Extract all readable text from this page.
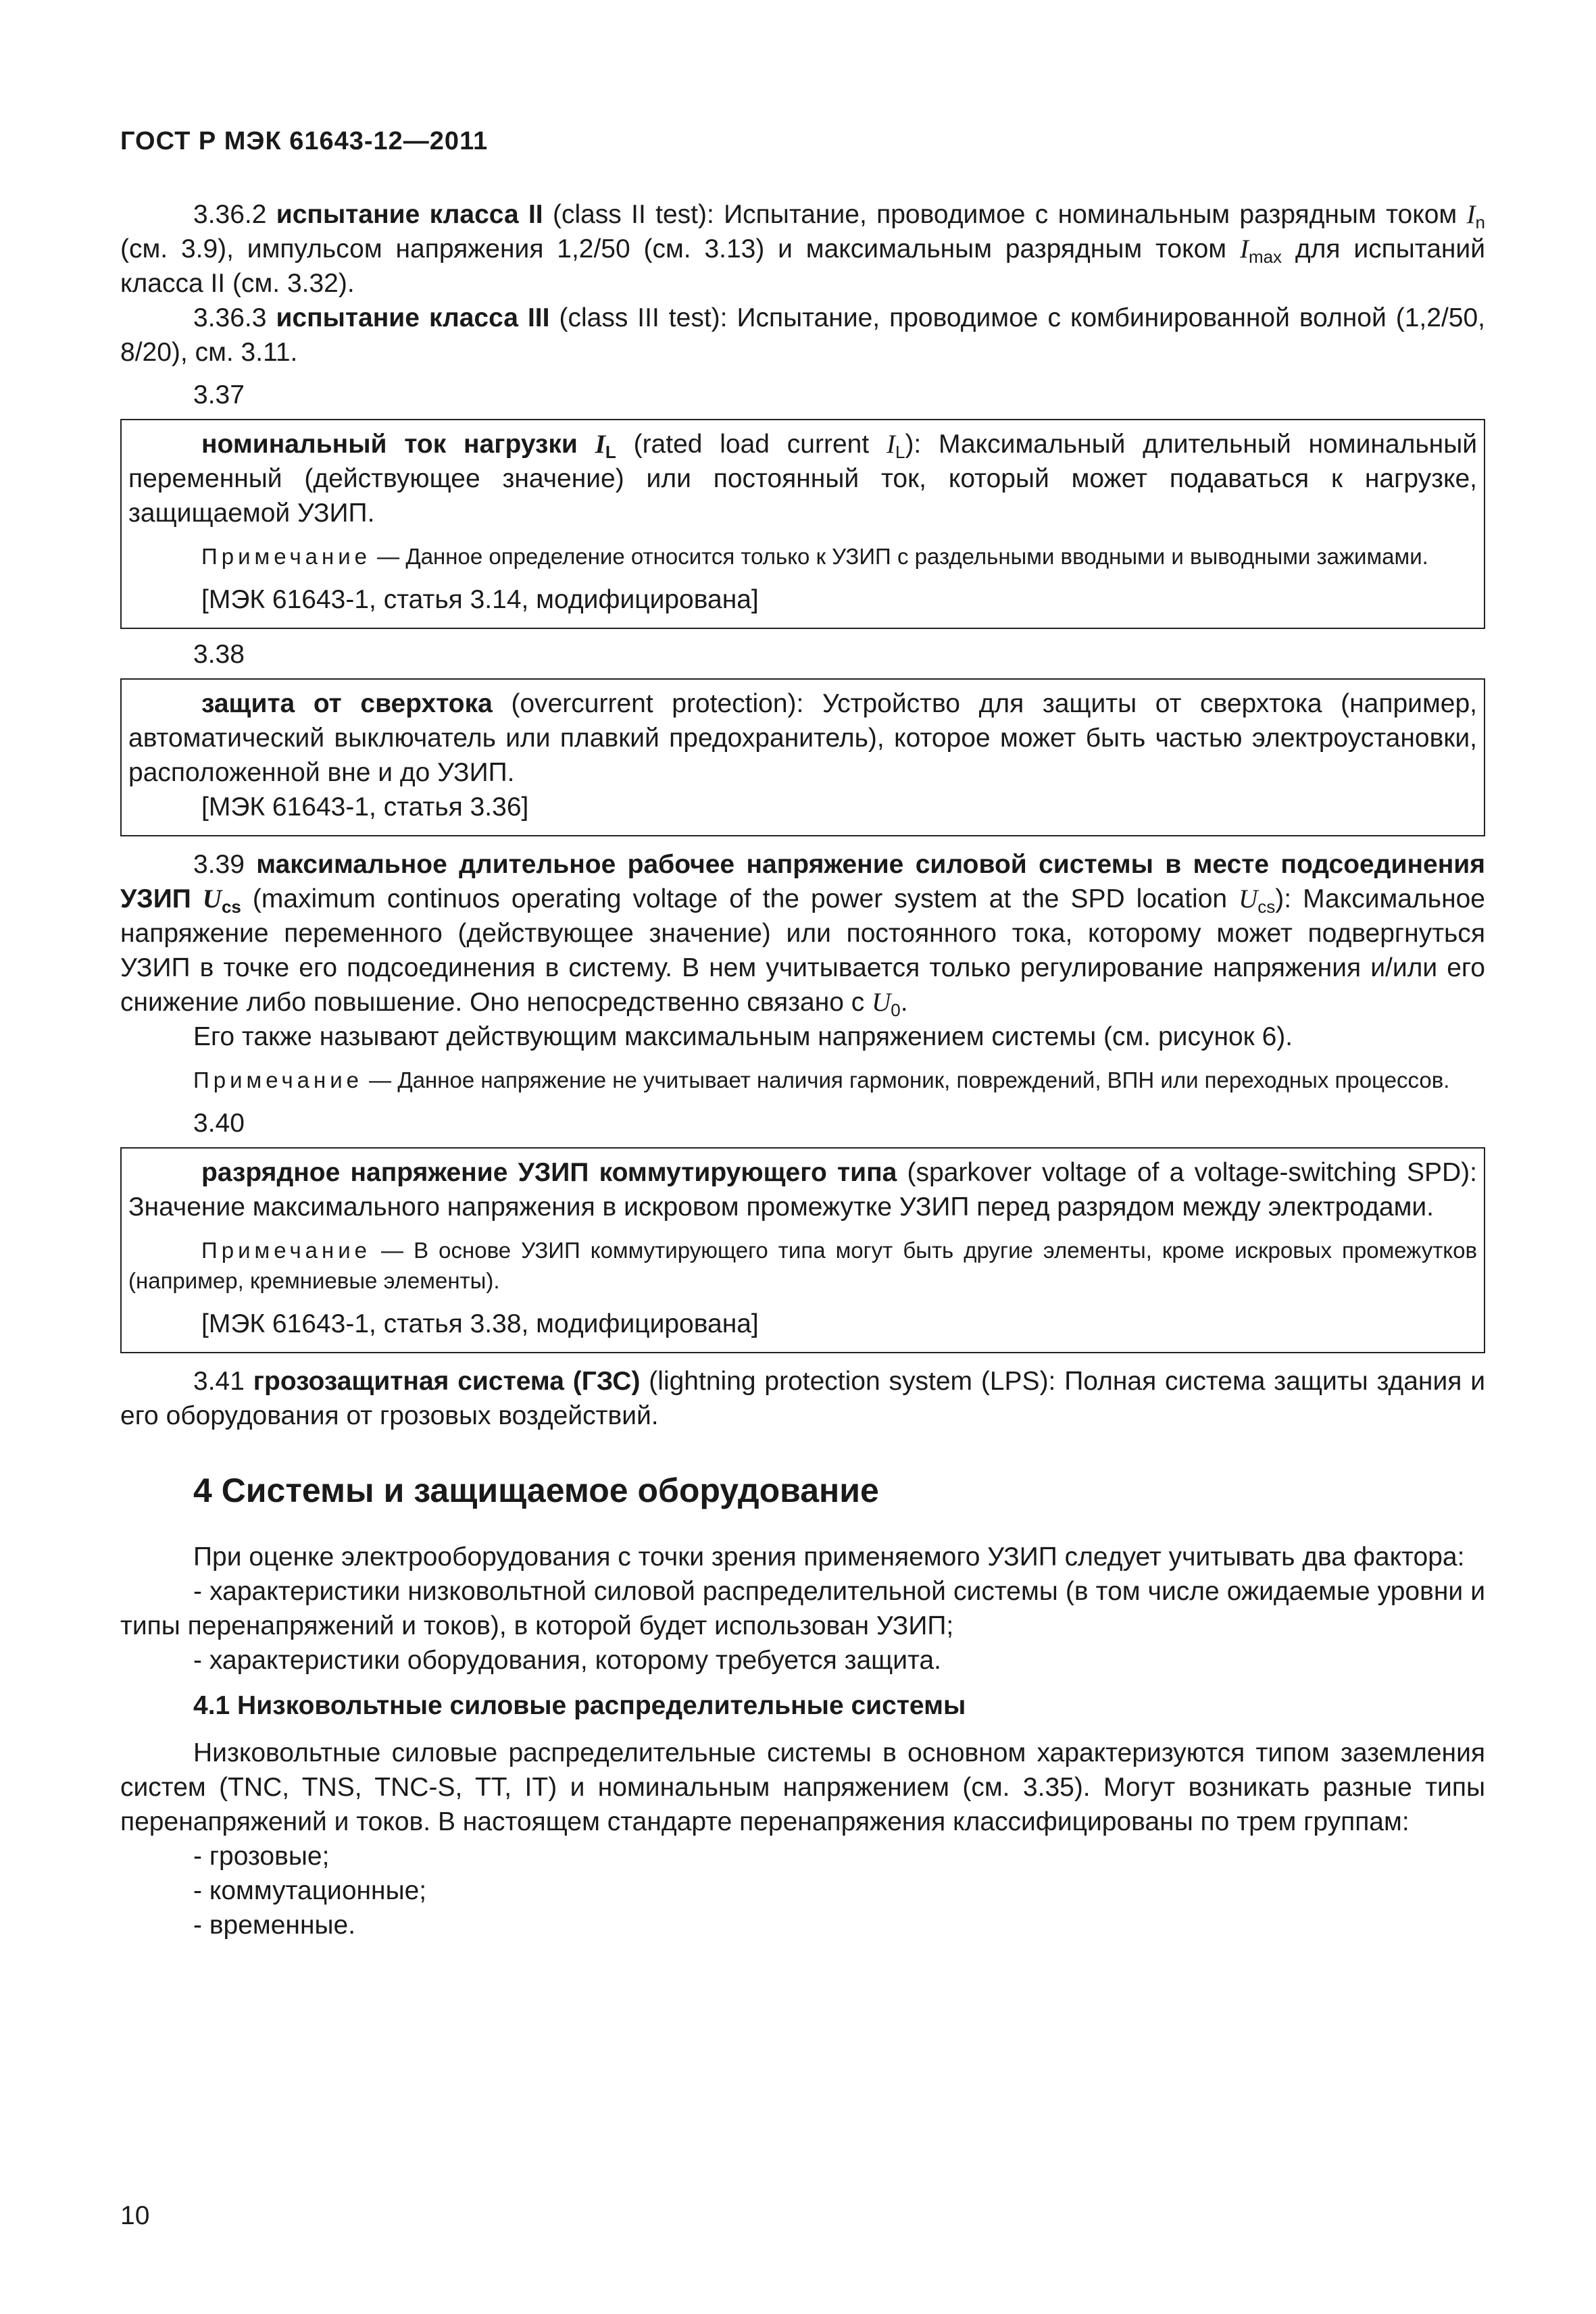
ГОСТ Р МЭК 61643-12—2011

3.36.2 испытание класса II (class II test): Испытание, проводимое с номинальным разрядным током $I_n$ (см. 3.9), импульсом напряжения 1,2/50 (см. 3.13) и максимальным разрядным током $I_{max}$ для испытаний класса II (см. 3.32).

3.36.3 испытание класса III (class III test): Испытание, проводимое с комбинированной волной (1,2/50, 8/20), см. 3.11.

3.37

номинальный ток нагрузки $I_L$ (rated load current $I_L$): Максимальный длительный номинальный переменный (действующее значение) или постоянный ток, который может подаваться к нагрузке, защищаемой УЗИП.

Примечание — Данное определение относится только к УЗИП с раздельными вводными и выводными зажимами.
[МЭК 61643-1, статья 3.14, модифицирована]
3.38

защита от сверхтока (overcurrent protection): Устройство для защиты от сверхтока (например, автоматический выключатель или плавкий предохранитель), которое может быть частью электроустановки, расположенной вне и до УЗИП.

[МЭК 61643-1, статья 3.36]

3.39 максимальное длительное рабочее напряжение силовой системы в месте подсоединения УЗИП $U_{cs}$ (maximum continuos operating voltage of the power system at the SPD location $U_{cs}$): Максимальное напряжение переменного (действующее значение) или постоянного тока, которому может подвергнуться УЗИП в точке его подсоединения в систему. В нем учитывается только регулирование напряжения и/или его снижение либо повышение. Оно непосредственно связано с $U_0$.

Его также называют действующим максимальным напряжением системы (см. рисунок 6).

Примечание — Данное напряжение не учитывает наличия гармоник, повреждений, ВПН или переходных процессов.
3.40

разрядное напряжение УЗИП коммутирующего типа (sparkover voltage of a voltage-switching SPD): Значение максимального напряжения в искровом промежутке УЗИП перед разрядом между электродами.

Примечание — В основе УЗИП коммутирующего типа могут быть другие элементы, кроме искровых промежутков (например, кремниевые элементы).
[МЭК 61643-1, статья 3.38, модифицирована]

3.41 грозозащитная система (ГЗС) (lightning protection system (LPS): Полная система защиты здания и его оборудования от грозовых воздействий.

4 Системы и защищаемое оборудование

При оценке электрооборудования с точки зрения применяемого УЗИП следует учитывать два фактора:

- характеристики низковольтной силовой распределительной системы (в том числе ожидаемые уровни и типы перенапряжений и токов), в которой будет использован УЗИП;

- характеристики оборудования, которому требуется защита.

4.1 Низковольтные силовые распределительные системы

Низковольтные силовые распределительные системы в основном характеризуются типом заземления систем (TNC, TNS, TNC-S, TT, IT) и номинальным напряжением (см. 3.35). Могут возникать разные типы перенапряжений и токов. В настоящем стандарте перенапряжения классифицированы по трем группам:

- грозовые;
- коммутационные;
- временные.
10
